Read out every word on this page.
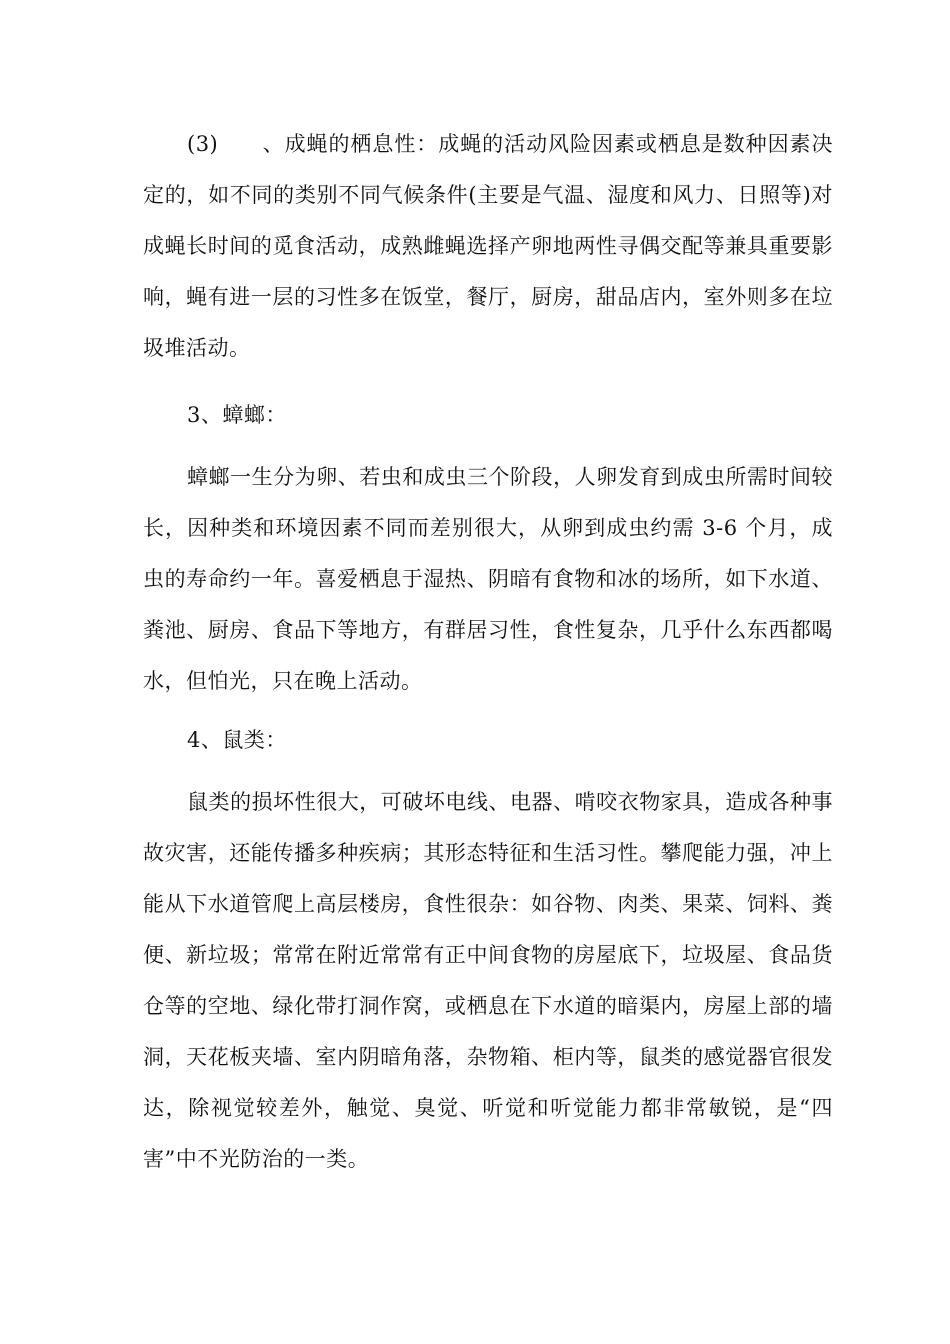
(3)　　、成蝇的栖息性：成蝇的活动风险因素或栖息是数种因素决定的，如不同的类别不同气候条件(主要是气温、湿度和风力、日照等)对成蝇长时间的觅食活动，成熟雌蝇选择产卵地两性寻偶交配等兼具重要影响，蝇有进一层的习性多在饭堂，餐厅，厨房，甜品店内，室外则多在垃圾堆活动。

3、蟑螂：

蟑螂一生分为卵、若虫和成虫三个阶段，人卵发育到成虫所需时间较长，因种类和环境因素不同而差别很大，从卵到成虫约需 3-6 个月，成虫的寿命约一年。喜爱栖息于湿热、阴暗有食物和冰的场所，如下水道、粪池、厨房、食品下等地方，有群居习性，食性复杂，几乎什么东西都喝水，但怕光，只在晚上活动。

4、鼠类：

鼠类的损坏性很大，可破坏电线、电器、啃咬衣物家具，造成各种事故灾害，还能传播多种疾病；其形态特征和生活习性。攀爬能力强，冲上能从下水道管爬上高层楼房，食性很杂：如谷物、肉类、果菜、饲料、粪便、新垃圾；常常在附近常常有正中间食物的房屋底下，垃圾屋、食品货仓等的空地、绿化带打洞作窝，或栖息在下水道的暗渠内，房屋上部的墙洞，天花板夹墙、室内阴暗角落，杂物箱、柜内等，鼠类的感觉器官很发达，除视觉较差外，触觉、臭觉、听觉和听觉能力都非常敏锐，是“四害”中不光防治的一类。
